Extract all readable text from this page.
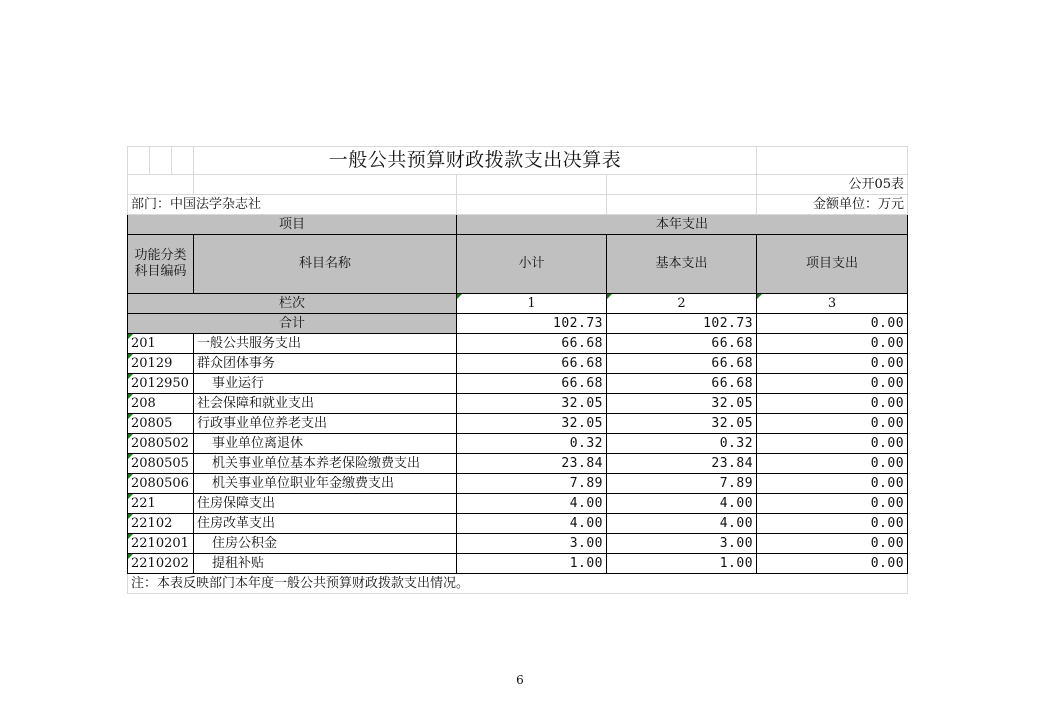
			一般公共预算财政拨款支出决算表			
						公开05表
部门：中国法学杂志社						金额单位：万元
项目				本年支出		
功能分类
科目编码			科目名称	小计	基本支出	项目支出
栏次				1	2	3
合计				102.73	102.73	0.00
201			一般公共服务支出	66.68	66.68	0.00
20129			群众团体事务	66.68	66.68	0.00
2012950			事业运行	66.68	66.68	0.00
208			社会保障和就业支出	32.05	32.05	0.00
20805			行政事业单位养老支出	32.05	32.05	0.00
2080502			事业单位离退休	0.32	0.32	0.00
2080505			机关事业单位基本养老保险缴费支出	23.84	23.84	0.00
2080506			机关事业单位职业年金缴费支出	7.89	7.89	0.00
221			住房保障支出	4.00	4.00	0.00
22102			住房改革支出	4.00	4.00	0.00
2210201			住房公积金	3.00	3.00	0.00
2210202			提租补贴	1.00	1.00	0.00
注：本表反映部门本年度一般公共预算财政拨款支出情况。						
6
